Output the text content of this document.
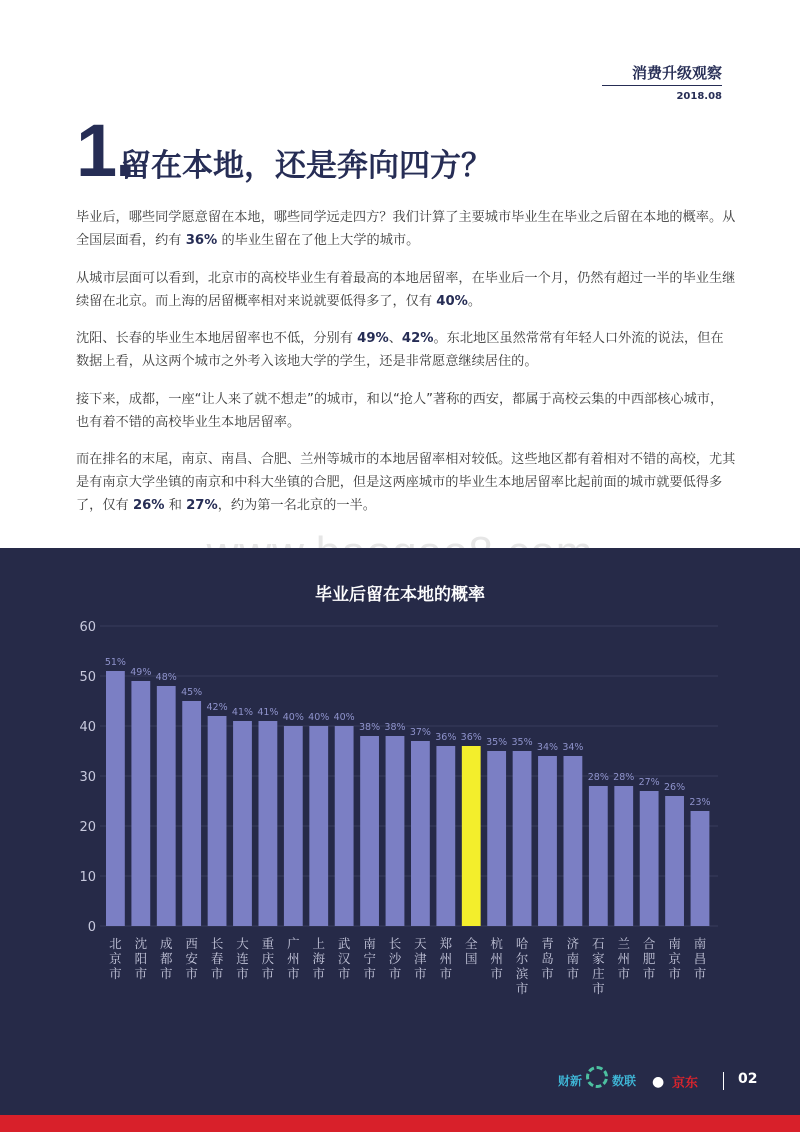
消费升级观察
2018.08
1.
留在本地，还是奔向四方？

毕业后，哪些同学愿意留在本地，哪些同学远走四方？我们计算了主要城市毕业生在毕业之后留在本地的概率。从全国层面看，约有 36% 的毕业生留在了他上大学的城市。

从城市层面可以看到，北京市的高校毕业生有着最高的本地居留率，在毕业后一个月，仍然有超过一半的毕业生继续留在北京。而上海的居留概率相对来说就要低得多了，仅有 40%。

沈阳、长春的毕业生本地居留率也不低，分别有 49%、42%。东北地区虽然常常有年轻人口外流的说法，但在数据上看，从这两个城市之外考入该地大学的学生，还是非常愿意继续居住的。

接下来，成都，一座“让人来了就不想走”的城市，和以“抢人”著称的西安，都属于高校云集的中西部核心城市，也有着不错的高校毕业生本地居留率。

而在排名的末尾，南京、南昌、合肥、兰州等城市的本地居留率相对较低。这些地区都有着相对不错的高校，尤其是有南京大学坐镇的南京和中科大坐镇的合肥，但是这两座城市的毕业生本地居留率比起前面的城市就要低得多了，仅有 26% 和 27%，约为第一名北京的一半。

毕业后留在本地的概率
0
10
20
30
40
50
60
51%
北
京
市
49%
沈
阳
市
48%
成
都
市
45%
西
安
市
42%
长
春
市
41%
大
连
市
41%
重
庆
市
40%
广
州
市
40%
上
海
市
40%
武
汉
市
38%
南
宁
市
38%
长
沙
市
37%
天
津
市
36%
郑
州
市
36%
全
国
35%
杭
州
市
35%
哈
尔
滨
市
34%
青
岛
市
34%
济
南
市
28%
石
家
庄
市
28%
兰
州
市
27%
合
肥
市
26%
南
京
市
23%
南
昌
市
财新 数联 ● 京东	02
